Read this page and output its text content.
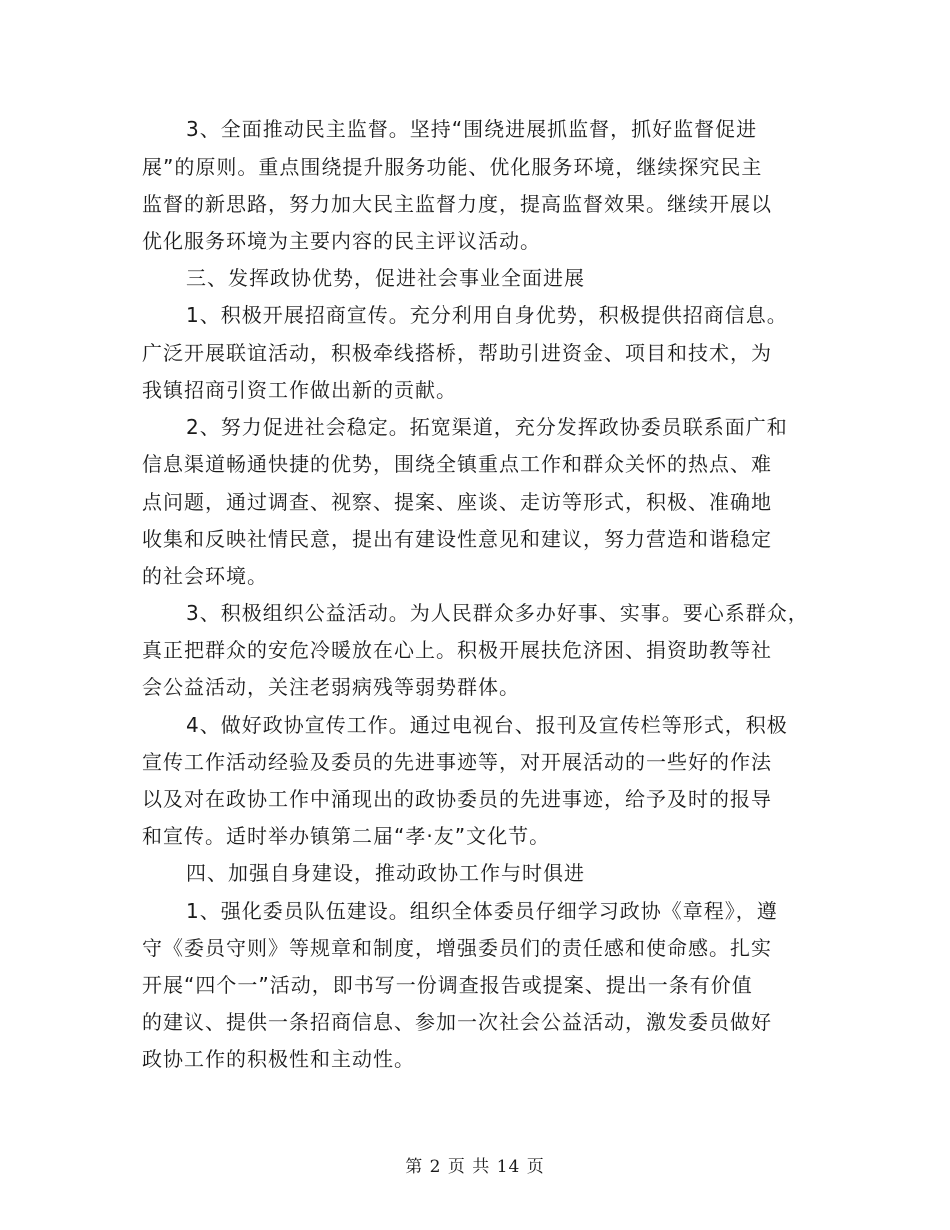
3、全面推动民主监督。坚持“围绕进展抓监督，抓好监督促进
展”的原则。重点围绕提升服务功能、优化服务环境，继续探究民主
监督的新思路，努力加大民主监督力度，提高监督效果。继续开展以
优化服务环境为主要内容的民主评议活动。
三、发挥政协优势，促进社会事业全面进展
1、积极开展招商宣传。充分利用自身优势，积极提供招商信息。
广泛开展联谊活动，积极牵线搭桥，帮助引进资金、项目和技术，为
我镇招商引资工作做出新的贡献。
2、努力促进社会稳定。拓宽渠道，充分发挥政协委员联系面广和
信息渠道畅通快捷的优势，围绕全镇重点工作和群众关怀的热点、难
点问题，通过调查、视察、提案、座谈、走访等形式，积极、准确地
收集和反映社情民意，提出有建设性意见和建议，努力营造和谐稳定
的社会环境。
3、积极组织公益活动。为人民群众多办好事、实事。要心系群众，
真正把群众的安危冷暖放在心上。积极开展扶危济困、捐资助教等社
会公益活动，关注老弱病残等弱势群体。
4、做好政协宣传工作。通过电视台、报刊及宣传栏等形式，积极
宣传工作活动经验及委员的先进事迹等，对开展活动的一些好的作法
以及对在政协工作中涌现出的政协委员的先进事迹，给予及时的报导
和宣传。适时举办镇第二届“孝·友”文化节。
四、加强自身建设，推动政协工作与时俱进
1、强化委员队伍建设。组织全体委员仔细学习政协《章程》，遵
守《委员守则》等规章和制度，增强委员们的责任感和使命感。扎实
开展“四个一”活动，即书写一份调查报告或提案、提出一条有价值
的建议、提供一条招商信息、参加一次社会公益活动，激发委员做好
政协工作的积极性和主动性。
第 2 页 共 14 页
